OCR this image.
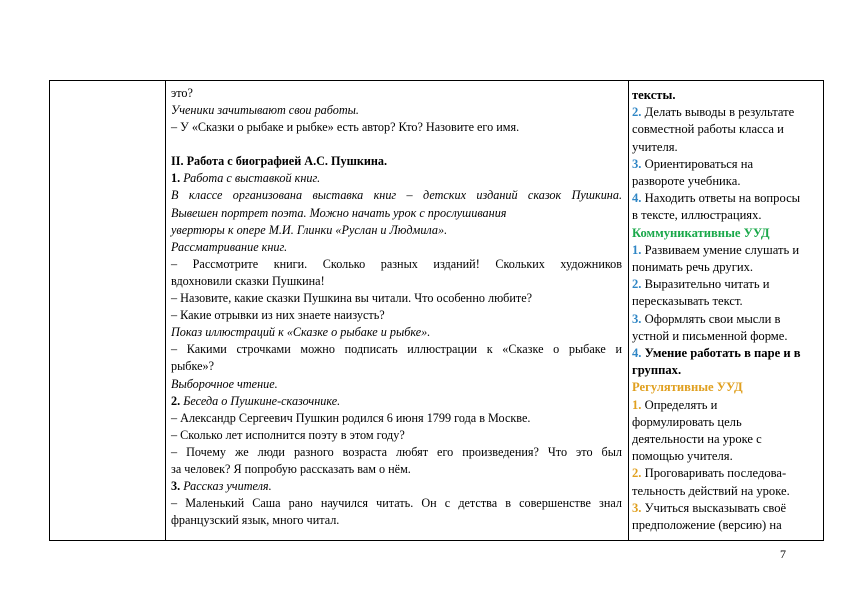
это?
Ученики зачитывают свои работы.
– У «Сказки о рыбаке и рыбке» есть автор? Кто? Назовите его имя.
II. Работа с биографией А.С. Пушкина.
1. Работа с выставкой книг.
В классе организована выставка книг – детских изданий сказок Пушкина.
Вывешен портрет поэта. Можно начать урок с прослушивания
увертюры к опере М.И. Глинки «Руслан и Людмила».
Рассматривание книг.
– Рассмотрите книги. Сколько разных изданий! Скольких художников
вдохновили сказки Пушкина!
– Назовите, какие сказки Пушкина вы читали. Что особенно любите?
– Какие отрывки из них знаете наизусть?
Показ иллюстраций к «Сказке о рыбаке и рыбке».
– Какими строчками можно подписать иллюстрации к «Сказке о рыбаке и
рыбке»?
Выборочное чтение.
2. Беседа о Пушкине-сказочнике.
– Александр Сергеевич Пушкин родился 6 июня 1799 года в Москве.
– Сколько лет исполнится поэту в этом году?
– Почему же люди разного возраста любят его произведения? Что это был
за человек? Я попробую рассказать вам о нём.
3. Рассказ учителя.
– Маленький Саша рано научился читать. Он с детства в совершенстве знал
французский язык, много читал.
тексты.
2. Делать выводы в результате
совместной работы класса и
учителя.
3. Ориентироваться на
развороте учебника.
4. Находить ответы на вопросы
в тексте, иллюстрациях.
Коммуникативные УУД
1. Развиваем умение слушать и
понимать речь других.
2. Выразительно читать и
пересказывать текст.
3. Оформлять свои мысли в
устной и письменной форме.
4. Умение работать в паре и в
группах.
Регулятивные УУД
1. Определять и
формулировать цель
деятельности на уроке с
помощью учителя.
2. Проговаривать последова-
тельность действий на уроке.
3. Учиться высказывать своё
предположение (версию) на
7
